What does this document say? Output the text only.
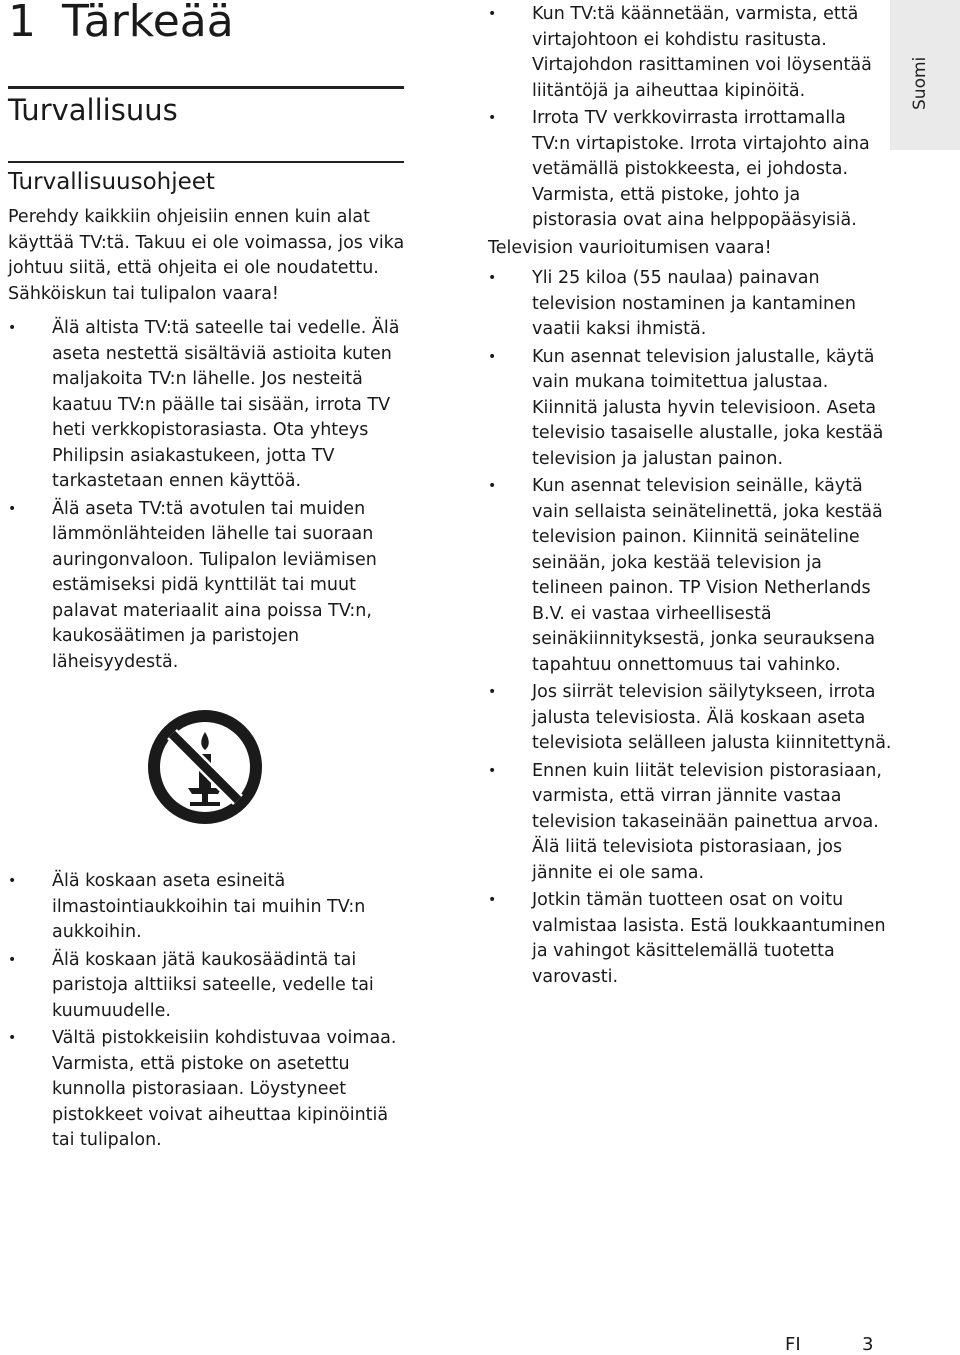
1 Tärkeää
Turvallisuus
Turvallisuusohjeet

Perehdy kaikkiin ohjeisiin ennen kuin alat käyttää TV:tä. Takuu ei ole voimassa, jos vika johtuu siitä, että ohjeita ei ole noudatettu.

Sähköiskun tai tulipalon vaara!

• Älä altista TV:tä sateelle tai vedelle. Älä aseta nestettä sisältäviä astioita kuten maljakoita TV:n lähelle. Jos nesteitä kaatuu TV:n päälle tai sisään, irrota TV heti verkkopistorasiasta. Ota yhteys Philipsin asiakastukeen, jotta TV tarkastetaan ennen käyttöä.
• Älä aseta TV:tä avotulen tai muiden lämmönlähteiden lähelle tai suoraan auringonvaloon. Tulipalon leviämisen estämiseksi pidä kynttilät tai muut palavat materiaalit aina poissa TV:n, kaukosäätimen ja paristojen läheisyydestä.
• Älä koskaan aseta esineitä ilmastointiaukkoihin tai muihin TV:n aukkoihin.
• Älä koskaan jätä kaukosäädintä tai paristoja alttiiksi sateelle, vedelle tai kuumuudelle.
• Vältä pistokkeisiin kohdistuvaa voimaa. Varmista, että pistoke on asetettu kunnolla pistorasiaan. Löystyneet pistokkeet voivat aiheuttaa kipinöintiä tai tulipalon.
• Kun TV:tä käännetään, varmista, että virtajohtoon ei kohdistu rasitusta. Virtajohdon rasittaminen voi löysentää liitäntöjä ja aiheuttaa kipinöitä.
• Irrota TV verkkovirrasta irrottamalla TV:n virtapistoke. Irrota virtajohto aina vetämällä pistokkeesta, ei johdosta. Varmista, että pistoke, johto ja pistorasia ovat aina helppopääsyisiä.

Television vaurioitumisen vaara!

• Yli 25 kiloa (55 naulaa) painavan television nostaminen ja kantaminen vaatii kaksi ihmistä.
• Kun asennat television jalustalle, käytä vain mukana toimitettua jalustaa. Kiinnitä jalusta hyvin televisioon. Aseta televisio tasaiselle alustalle, joka kestää television ja jalustan painon.
• Kun asennat television seinälle, käytä vain sellaista seinätelinettä, joka kestää television painon. Kiinnitä seinäteline seinään, joka kestää television ja telineen painon. TP Vision Netherlands B.V. ei vastaa virheellisestä seinäkiinnityksestä, jonka seurauksena tapahtuu onnettomuus tai vahinko.
• Jos siirrät television säilytykseen, irrota jalusta televisiosta. Älä koskaan aseta televisiota selälleen jalusta kiinnitettynä.
• Ennen kuin liität television pistorasiaan, varmista, että virran jännite vastaa television takaseinään painettua arvoa. Älä liitä televisiota pistorasiaan, jos jännite ei ole sama.
• Jotkin tämän tuotteen osat on voitu valmistaa lasista. Estä loukkaantuminen ja vahingot käsittelemällä tuotetta varovasti.
Suomi
FI	3
